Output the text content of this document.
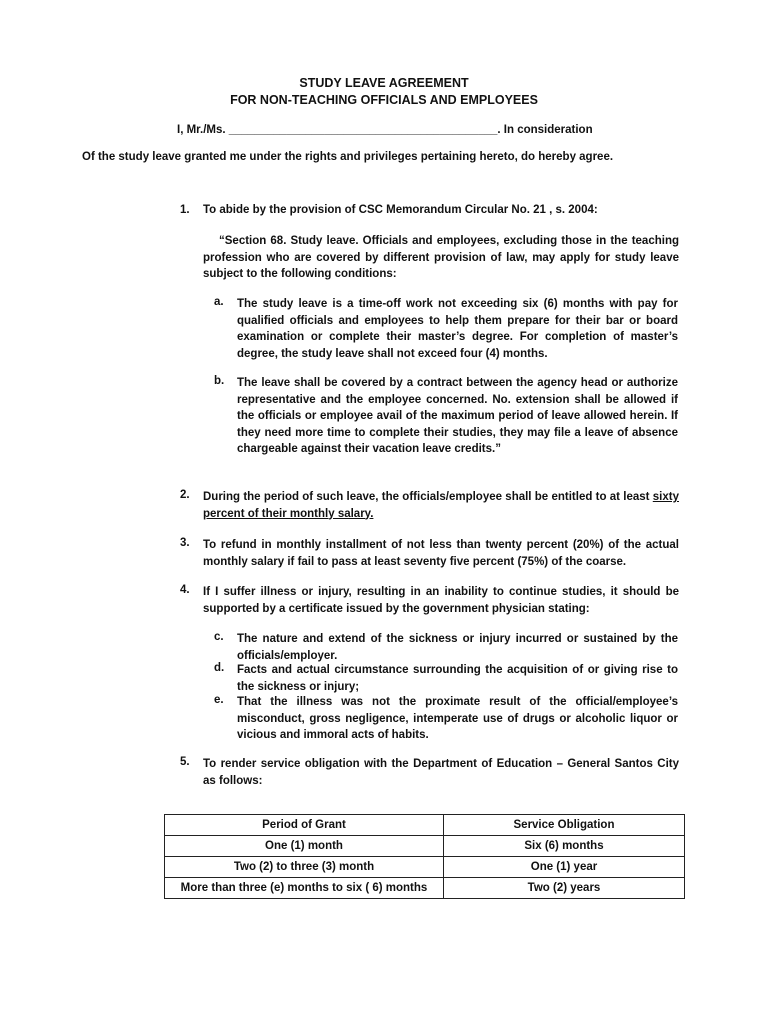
STUDY LEAVE AGREEMENT
FOR NON-TEACHING OFFICIALS AND EMPLOYEES
I, Mr./Ms. __________________________________________. In consideration
Of the study leave granted me under the rights and privileges pertaining hereto, do hereby agree.
1. To abide by the provision of CSC Memorandum Circular No. 21 , s. 2004:
“Section 68. Study leave. Officials and employees, excluding those in the teaching profession who are covered by different provision of law, may apply for study leave subject to the following conditions:
a. The study leave is a time-off work not exceeding six (6) months with pay for qualified officials and employees to help them prepare for their bar or board examination or complete their master’s degree. For completion of master’s degree, the study leave shall not exceed four (4) months.
b. The leave shall be covered by a contract between the agency head or authorize representative and the employee concerned. No. extension shall be allowed if the officials or employee avail of the maximum period of leave allowed herein. If they need more time to complete their studies, they may file a leave of absence chargeable against their vacation leave credits.”
2. During the period of such leave, the officials/employee shall be entitled to at least sixty percent of their monthly salary.
3. To refund in monthly installment of not less than twenty percent (20%) of the actual monthly salary if fail to pass at least seventy five percent (75%) of the coarse.
4. If I suffer illness or injury, resulting in an inability to continue studies, it should be supported by a certificate issued by the government physician stating:
c. The nature and extend of the sickness or injury incurred or sustained by the officials/employer.
d. Facts and actual circumstance surrounding the acquisition of or giving rise to the sickness or injury;
e. That the illness was not the proximate result of the official/employee’s misconduct, gross negligence, intemperate use of drugs or alcoholic liquor or vicious and immoral acts of habits.
5. To render service obligation with the Department of Education – General Santos City as follows:
Period of Grant	Service Obligation
One (1) month	Six (6) months
Two (2) to three (3) month	One (1) year
More than three (e) months to six ( 6) months	Two (2) years
